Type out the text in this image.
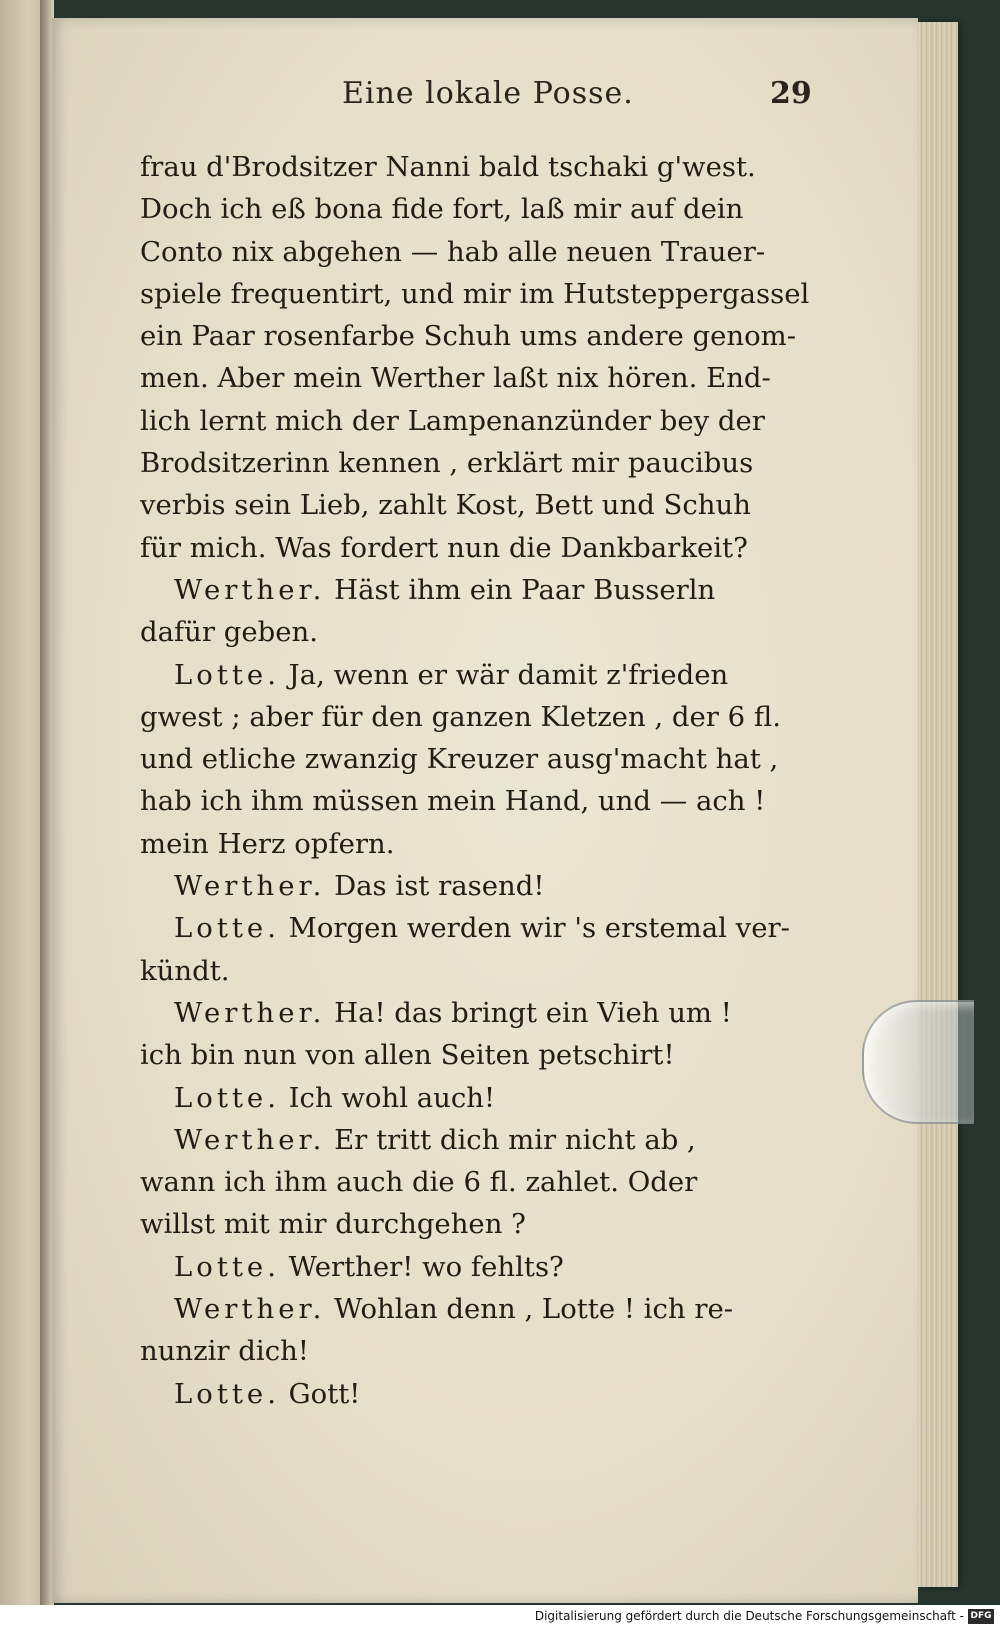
Eine lokale Posse.	29
frau d'Brodsitzer Nanni bald tschaki g'west.
Doch ich eß bona fide fort, laß mir auf dein
Conto nix abgehen — hab alle neuen Trauer-
spiele frequentirt, und mir im Hutsteppergassel
ein Paar rosenfarbe Schuh ums andere genom-
men. Aber mein Werther laßt nix hören. End-
lich lernt mich der Lampenanzünder bey der
Brodsitzerinn kennen , erklärt mir paucibus
verbis sein Lieb, zahlt Kost, Bett und Schuh
für mich. Was fordert nun die Dankbarkeit?
Werther. Häst ihm ein Paar Busserln
dafür geben.
Lotte. Ja, wenn er wär damit z'frieden
gwest ; aber für den ganzen Kletzen , der 6 fl.
und etliche zwanzig Kreuzer ausg'macht hat ,
hab ich ihm müssen mein Hand, und — ach !
mein Herz opfern.
Werther. Das ist rasend!
Lotte. Morgen werden wir 's erstemal ver-
kündt.
Werther. Ha! das bringt ein Vieh um !
ich bin nun von allen Seiten petschirt!
Lotte. Ich wohl auch!
Werther. Er tritt dich mir nicht ab ,
wann ich ihm auch die 6 fl. zahlet. Oder
willst mit mir durchgehen ?
Lotte. Werther! wo fehlts?
Werther. Wohlan denn , Lotte ! ich re-
nunzir dich!
Lotte. Gott!
Digitalisierung gefördert durch die Deutsche Forschungsgemeinschaft - DFG
